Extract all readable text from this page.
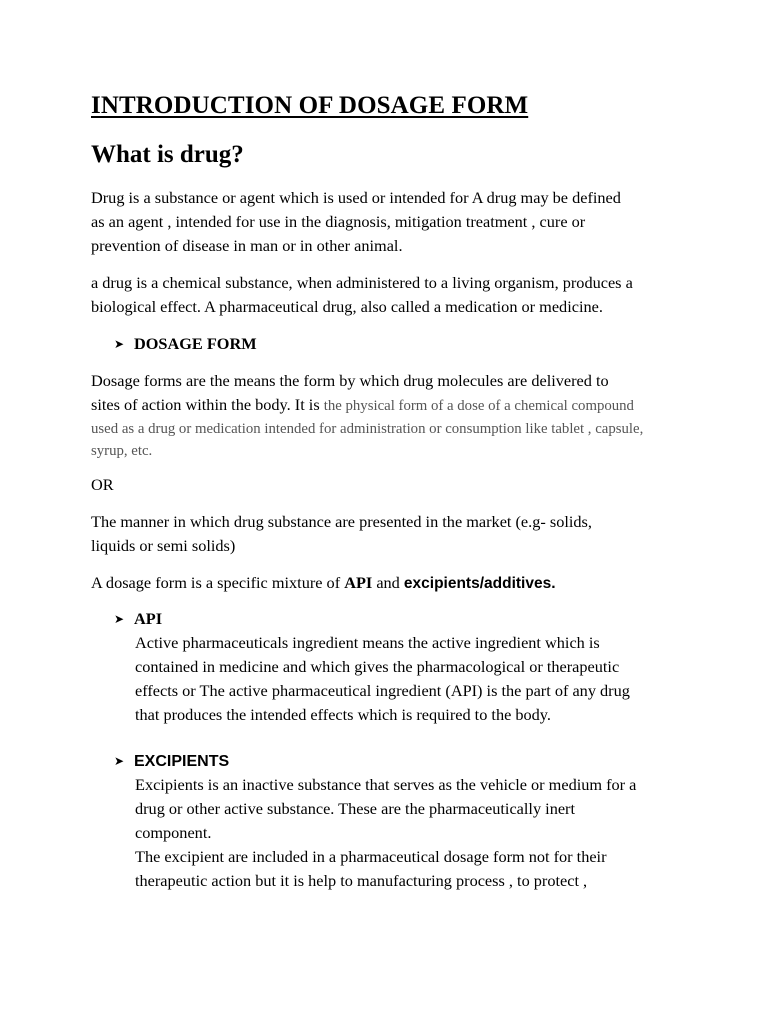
INTRODUCTION OF DOSAGE FORM
What is drug?

Drug is a substance or agent which is used or intended for A drug may be defined
as an agent , intended for use in the diagnosis, mitigation treatment , cure or
prevention of disease in man or in other animal.

a drug is a chemical substance, when administered to a living organism, produces a
biological effect. A pharmaceutical drug, also called a medication or medicine.

➤ DOSAGE FORM

Dosage forms are the means the form by which drug molecules are delivered to
sites of action within the body. It is the physical form of a dose of a chemical compound
used as a drug or medication intended for administration or consumption like tablet , capsule,
syrup, etc.

OR

The manner in which drug substance are presented in the market (e.g- solids,
liquids or semi solids)

A dosage form is a specific mixture of API and excipients/additives.

➤ API

Active pharmaceuticals ingredient means the active ingredient which is
contained in medicine and which gives the pharmacological or therapeutic
effects or The active pharmaceutical ingredient (API) is the part of any drug
that produces the intended effects which is required to the body.

➤ EXCIPIENTS

Excipients is an inactive substance that serves as the vehicle or medium for a
drug or other active substance. These are the pharmaceutically inert
component.
The excipient are included in a pharmaceutical dosage form not for their
therapeutic action but it is help to manufacturing process , to protect ,
